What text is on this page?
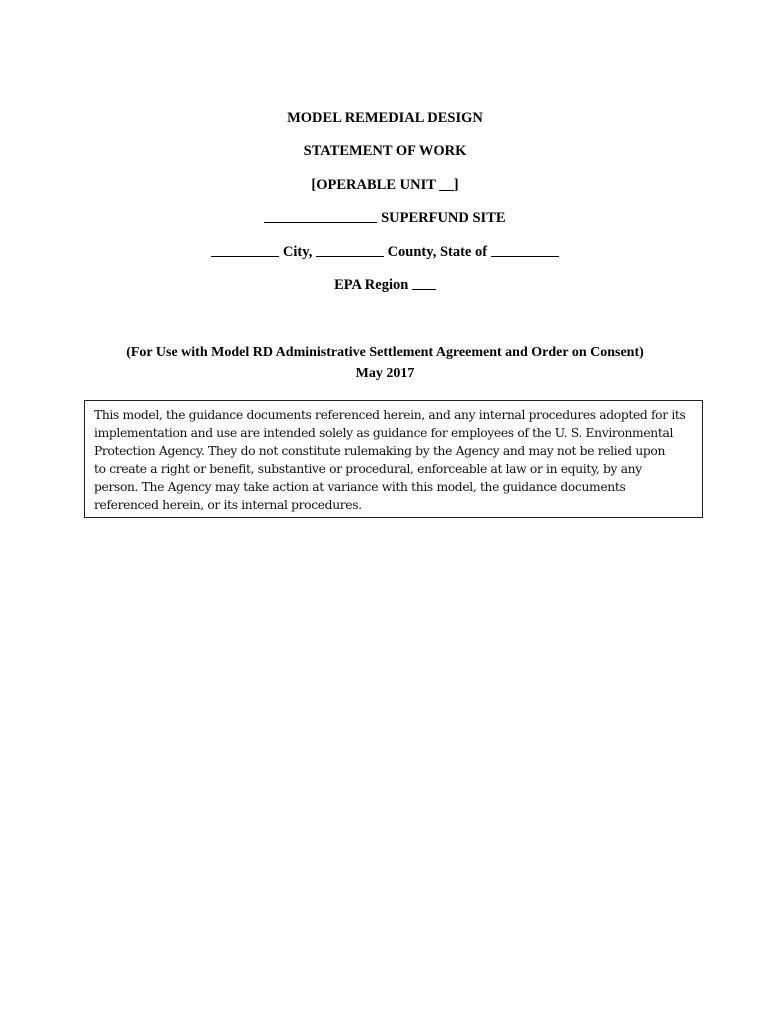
MODEL REMEDIAL DESIGN
STATEMENT OF WORK
[OPERABLE UNIT __]
SUPERFUND SITE
City,	County, State of
EPA Region
(For Use with Model RD Administrative Settlement Agreement and Order on Consent)
May 2017
This model, the guidance documents referenced herein, and any internal procedures adopted for its
implementation and use are intended solely as guidance for employees of the U. S. Environmental
Protection Agency. They do not constitute rulemaking by the Agency and may not be relied upon
to create a right or benefit, substantive or procedural, enforceable at law or in equity, by any
person. The Agency may take action at variance with this model, the guidance documents
referenced herein, or its internal procedures.
